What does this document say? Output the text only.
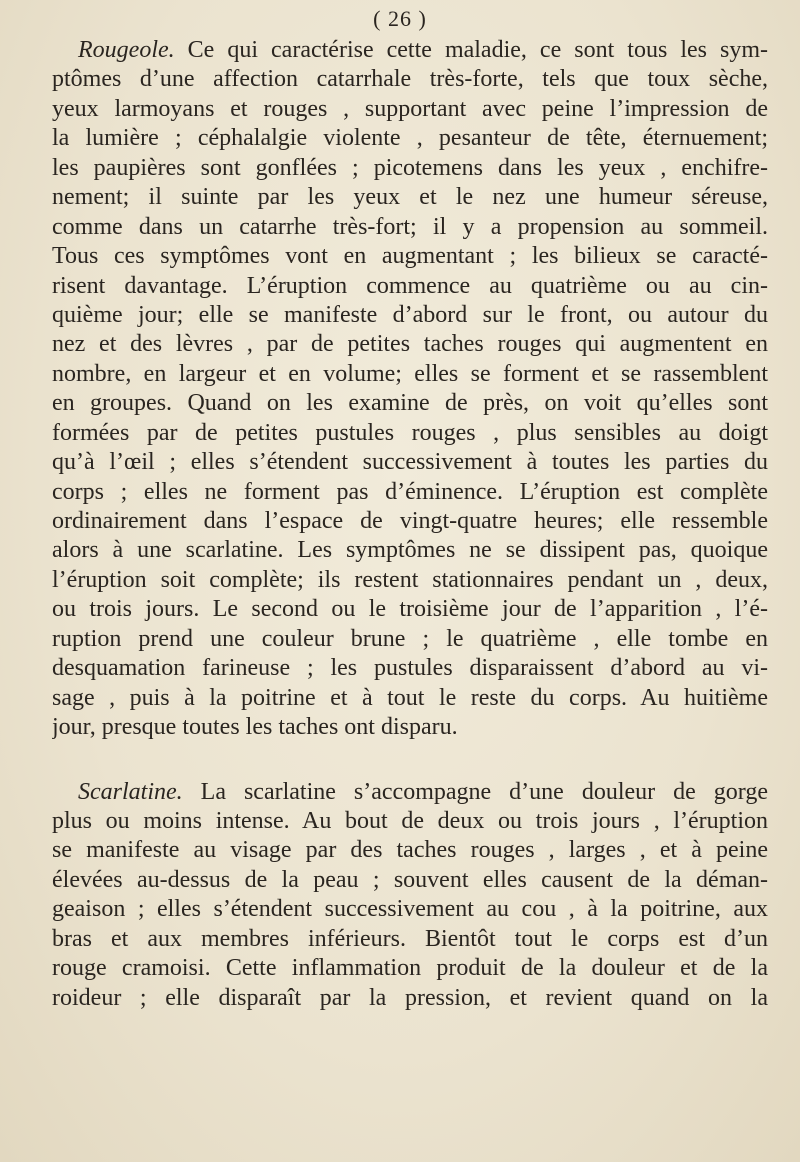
( 26 )
Rougeole. Ce qui caractérise cette maladie, ce sont tous les sym-
ptômes d’une affection catarrhale très-forte, tels que toux sèche,
yeux larmoyans et rouges , supportant avec peine l’impression de
la lumière ; céphalalgie violente , pesanteur de tête, éternuement;
les paupières sont gonflées ; picotemens dans les yeux , enchifre-
nement; il suinte par les yeux et le nez une humeur séreuse,
comme dans un catarrhe très-fort; il y a propension au sommeil.
Tous ces symptômes vont en augmentant ; les bilieux se caracté-
risent davantage. L’éruption commence au quatrième ou au cin-
quième jour; elle se manifeste d’abord sur le front, ou autour du
nez et des lèvres , par de petites taches rouges qui augmentent en
nombre, en largeur et en volume; elles se forment et se rassemblent
en groupes. Quand on les examine de près, on voit qu’elles sont
formées par de petites pustules rouges , plus sensibles au doigt
qu’à l’œil ; elles s’étendent successivement à toutes les parties du
corps ; elles ne forment pas d’éminence. L’éruption est complète
ordinairement dans l’espace de vingt-quatre heures; elle ressemble
alors à une scarlatine. Les symptômes ne se dissipent pas, quoique
l’éruption soit complète; ils restent stationnaires pendant un , deux,
ou trois jours. Le second ou le troisième jour de l’apparition , l’é-
ruption prend une couleur brune ; le quatrième , elle tombe en
desquamation farineuse ; les pustules disparaissent d’abord au vi-
sage , puis à la poitrine et à tout le reste du corps. Au huitième
jour, presque toutes les taches ont disparu.
Scarlatine. La scarlatine s’accompagne d’une douleur de gorge
plus ou moins intense. Au bout de deux ou trois jours , l’éruption
se manifeste au visage par des taches rouges , larges , et à peine
élevées au-dessus de la peau ; souvent elles causent de la déman-
geaison ; elles s’étendent successivement au cou , à la poitrine, aux
bras et aux membres inférieurs. Bientôt tout le corps est d’un
rouge cramoisi. Cette inflammation produit de la douleur et de la
roideur ; elle disparaît par la pression, et revient quand on la
